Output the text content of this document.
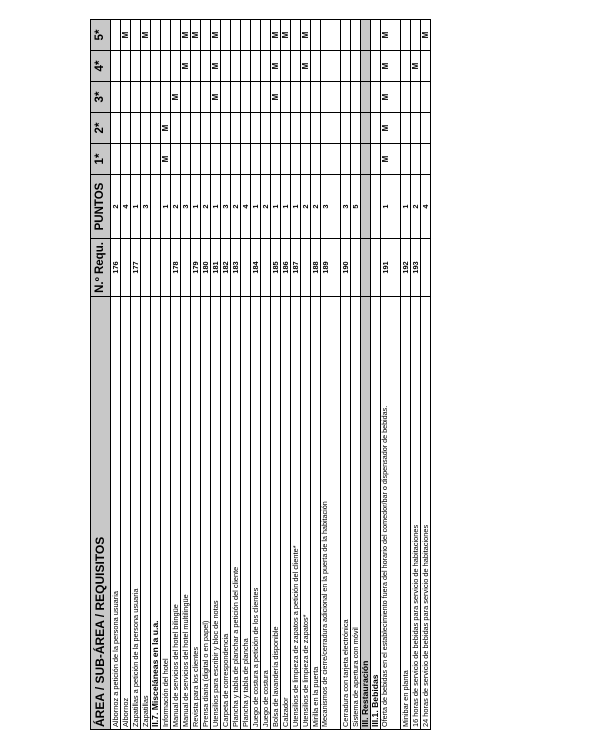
ÁREA / SUB-ÁREA / REQUISITOS
N.º Requ.
PUNTOS
1*
2*
3*
4*
5*
Albornoz a petición de la persona usuaria
176
2
Albornoz
4
M
Zapatillas a petición de la persona usuaria
177
1
Zapatillas
3
M
II.7. Misceláneas en la u.a. Información del hotel
1
M
M
Manual de servicios del hotel bilingüe
178
2
M
Manual de servicios del hotel multilingüe
3
M
M
Revista para los clientes
179
1
M
Prensa diaria (digital o en papel)
180
2
Utensilios para escribir y bloc de notas
181
1
M
M
M
Carpeta de correspondencia
182
3
Plancha y tabla de planchar a petición del cliente
183
2
Plancha y tabla de plancha
4
Juego de costura a petición de los clientes
184
1
Juego de costura
2
Bolsa de lavandería disponible
185
1
M
M
M
Calzador
186
1
M
Utensilios de limpieza de zapatos a petición del cliente*
187
1
Utensilios de limpieza de zapatos*
2
M
M
Mirilla en la puerta
188
2
Mecanismos de cierre/cerradura adicional en la puerta de la habitación
189
3
Cerradura con tarjeta electrónica
190
3
Sistema de apertura con móvil
5
III. Restauración III.1. Bebidas Oferta de bebidas en el establecimiento fuera del horario del comedor/bar o dispensador de bebidas.
191
1
M
M
M
M
M
Minibar en planta
192
1
16 horas de servicio de bebidas para servicio de habitaciones
193
2
M
24 horas de servicio de bebidas para servicio de habitaciones
4
M
